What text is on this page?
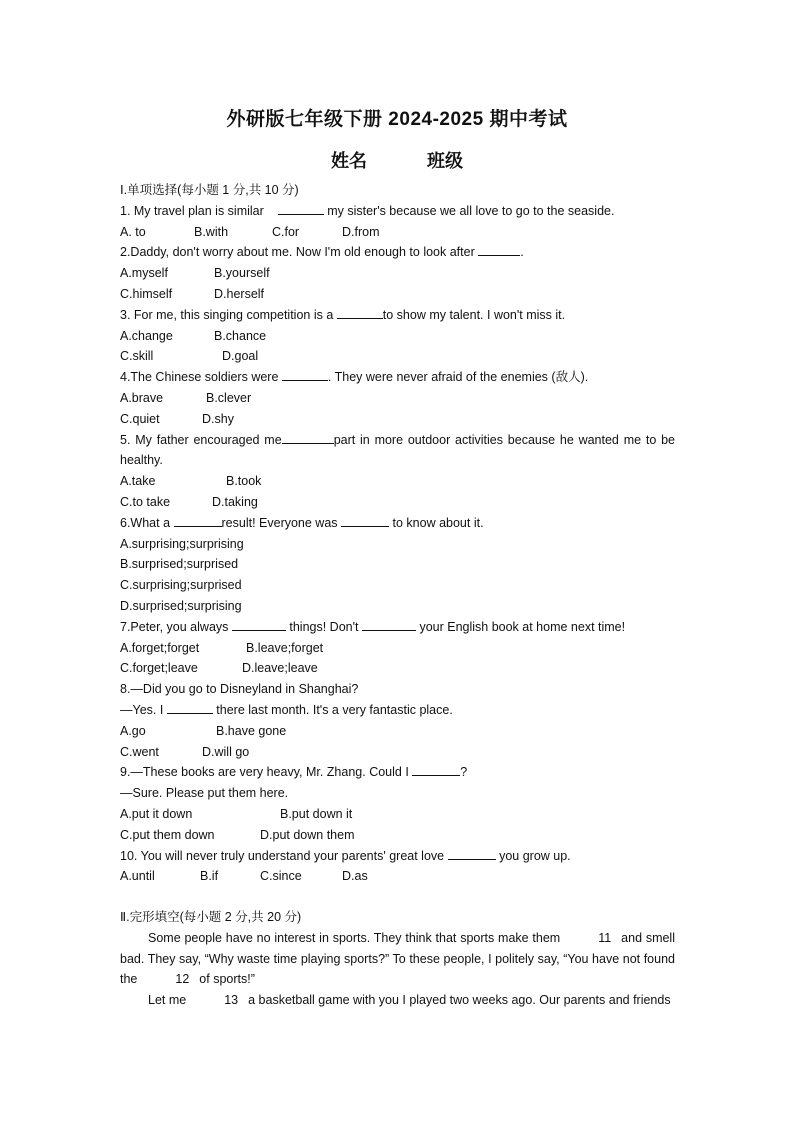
外研版七年级下册 2024-2025 期中考试
姓名	班级
Ⅰ.单项选择(每小题 1 分,共 10 分)
1. My travel plan is similar	my sister's because we all love to go to the seaside.
A. to	B.with	C.for	D.from
2.Daddy, don't worry about me. Now I'm old enough to look after	.
A.myself	B.yourself
C.himself	D.herself
3. For me, this singing competition is a	to show my talent. I won't miss it.
A.change	B.chance
C.skill	D.goal
4.The Chinese soldiers were	. They were never afraid of the enemies (敌人).
A.brave	B.clever
C.quiet	D.shy
5. My father encouraged me	part in more outdoor activities because he wanted me to be healthy.
A.take	B.took
C.to take	D.taking
6.What a	result! Everyone was	to know about it.
A.surprising;surprising
B.surprised;surprised
C.surprising;surprised
D.surprised;surprising
7.Peter, you always	things! Don't	your English book at home next time!
A.forget;forget	B.leave;forget
C.forget;leave	D.leave;leave
8.—Did you go to Disneyland in Shanghai?
—Yes. I	there last month. It's a very fantastic place.
A.go	B.have gone
C.went	D.will go
9.—These books are very heavy, Mr. Zhang. Could I	?
—Sure. Please put them here.
A.put it down	B.put down it
C.put them down	D.put down them
10. You will never truly understand your parents' great love	you grow up.
A.until	B.if	C.since	D.as
Ⅱ.完形填空(每小题 2 分,共 20 分)
Some people have no interest in sports. They think that sports make them	11 and smell bad. They say, “Why waste time playing sports?” To these people, I politely say, “You have not found the	12 of sports!”
Let me	13 a basketball game with you I played two weeks ago. Our parents and friends
